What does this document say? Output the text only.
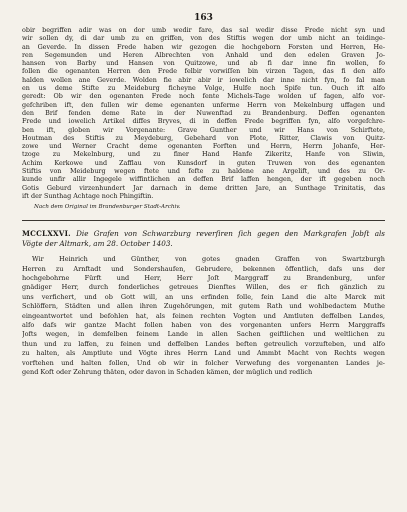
163
obir begriffen adir was on dor umb wedir fare, das sal wedir disse Frede nicht syn und
wir sollen dy, di dar umb zu en griffen, von des Stiftis wegen dor umb nicht an teidinge-
an Geverde. In dissen Frede haben wir gezogen die hochgeborn Forsten und Herren, He-
ren Segemunden und Heren Albrechten von Anhald und den edelen Graven Jo-
hansen von Barby und Hansen von Quitzowe, und ab fi dar inne fin wollen, fo
follen die ogenanten Herren den Frede felbir vorwiſſen bin virzen Tagen, das fi den alfo
halden wollen ane Geverde. Wolden fie abir abir ir iowelich dar inne nicht fyn, fo fal man
en us deme Stifte zu Meideburg ficheyne Volge, Hulfe noch Spife tun. Ouch ift alfo
geredt: Ob wir den ogenanten Frede noch fente Michels-Tage wolden uf fagen, alfo vor-
gefchriben ift, den fullen wir deme egenanten unferme Herrn von Mekelnburg uffagen und
den Brif fenden deme Rate in der Nuwenftad zu Brandenburg. Deffen ogenanten
Frede und iowelich Artikel diffes Bryves, di in deffen Frede begriffen fyn, alfo vorgefchre-
ben ift, globen wir Vorgenante: Grave Gunther und wir Hans von Schirftete,
Houtman des Stiftis zu Meydeburg, Gebehard von Plote, Ritter, Clawis von Quitz-
zowe und Werner Cracht deme ogenanten Forften und Herrn, Herrn Johanfe, Her-
tzoge zu Mekelnburg, und zu finer Hand Hanfe Zikeritz, Hanfe von Sliwin,
Achim Kerkowe und Zafflau von Kunsdorf in guten Truwen von des egenanten
Stiftis von Meideburg wegen ftete und fefte zu haldene ane Argelift, und des zu Or-
kunde unfir allir Ingegele wiffintlichen an deffen Brif laffen hengen, der ift gegeben noch
Gotis Geburd virzenhundert Jar darnach in deme dritten Jare, an Sunthage Trinitatis, das
ift der Sunthag Achtage noch Phingiftin.
Nach dem Original im Brandenburger Stadt-Archiv.
MCCLXXVI. Die Grafen von Schwarzburg reverſiren ſich gegen den Markgrafen Jobſt als
Vögte der Altmark, am 28. October 1403.
Wir Heinrich und Günther, von gotes gnaden Graffen von Swartzburgh
Herren zu Arnftadt und Sondershaufen, Gebrudere, bekennen öffentlich, dafs uns der
hochgebohrne Fürft und Herr, Herr Joſt Marggraff zu Brandenburg, unfer
gnädiger Herr, durch fonderliches getreues Dienftes Willen, des er fich gänzlich zu
uns verfichert, und ob Gott will, an uns erfinden folle, fein Land die alte Marck mit
Schlöffern, Städten und allen ihren Zugehörungen, mit gutem Rath und wohlbedactem Muthe
eingeantwortet und befohlen hat, als feinen rechten Vogten und Amtluten deffelben Landes,
alfo dafs wir gantze Macht follen haben von des vorgenanten unfers Herrn Marggraffs
Jofts wegen, in demfelben feinem Lande in allen Sachen geiftlichen und weltlichen zu
thun und zu laffen, zu feinen und deffelben Landes beften getreulich vorzufteben, und alfo
zu halten, als Amptlute und Vögte ihres Herrn Land und Ammbt Macht von Rechts wegen
vorftehen und halten follen, Und ob wir in folcher Verwefung des vorgenanten Landes je-
gend Koft oder Zehrung thäten, oder davon in Schaden kämen, der müglich und redlich
